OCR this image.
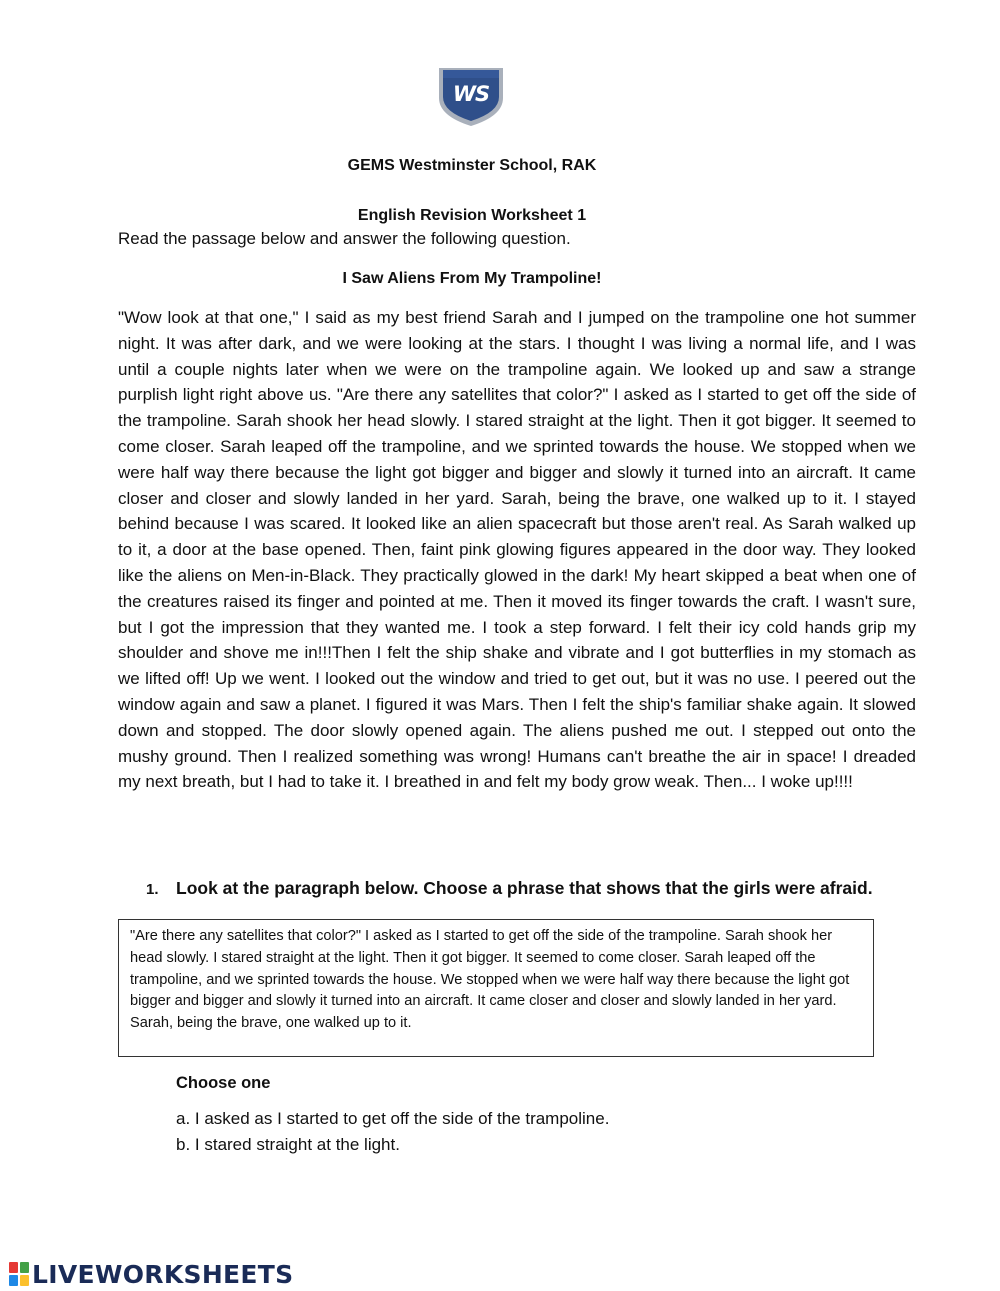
WS
GEMS Westminster School, RAK
English Revision Worksheet 1
Read the passage below and answer the following question.
I Saw Aliens From My Trampoline!

"Wow look at that one," I said as my best friend Sarah and I jumped on the trampoline one hot summer night. It was after dark, and we were looking at the stars. I thought I was living a normal life, and I was until a couple nights later when we were on the trampoline again. We looked up and saw a strange purplish light right above us. "Are there any satellites that color?" I asked as I started to get off the side of the trampoline. Sarah shook her head slowly. I stared straight at the light. Then it got bigger. It seemed to come closer. Sarah leaped off the trampoline, and we sprinted towards the house. We stopped when we were half way there because the light got bigger and bigger and slowly it turned into an aircraft. It came closer and closer and slowly landed in her yard. Sarah, being the brave, one walked up to it. I stayed behind because I was scared. It looked like an alien spacecraft but those aren't real. As Sarah walked up to it, a door at the base opened. Then, faint pink glowing figures appeared in the door way. They looked like the aliens on Men-in-Black. They practically glowed in the dark! My heart skipped a beat when one of the creatures raised its finger and pointed at me. Then it moved its finger towards the craft. I wasn't sure, but I got the impression that they wanted me. I took a step forward. I felt their icy cold hands grip my shoulder and shove me in!!!Then I felt the ship shake and vibrate and I got butterflies in my stomach as we lifted off! Up we went. I looked out the window and tried to get out, but it was no use. I peered out the window again and saw a planet. I figured it was Mars. Then I felt the ship's familiar shake again. It slowed down and stopped. The door slowly opened again. The aliens pushed me out. I stepped out onto the mushy ground. Then I realized something was wrong! Humans can't breathe the air in space! I dreaded my next breath, but I had to take it. I breathed in and felt my body grow weak. Then... I woke up!!!!

1. Look at the paragraph below. Choose a phrase that shows that the girls were afraid.

"Are there any satellites that color?" I asked as I started to get off the side of the trampoline. Sarah shook her head slowly. I stared straight at the light. Then it got bigger. It seemed to come closer. Sarah leaped off the trampoline, and we sprinted towards the house. We stopped when we were half way there because the light got bigger and bigger and slowly it turned into an aircraft. It came closer and closer and slowly landed in her yard. Sarah, being the brave, one walked up to it.

Choose one
a. I asked as I started to get off the side of the trampoline.
b. I stared straight at the light.
LIVEWORKSHEETS
